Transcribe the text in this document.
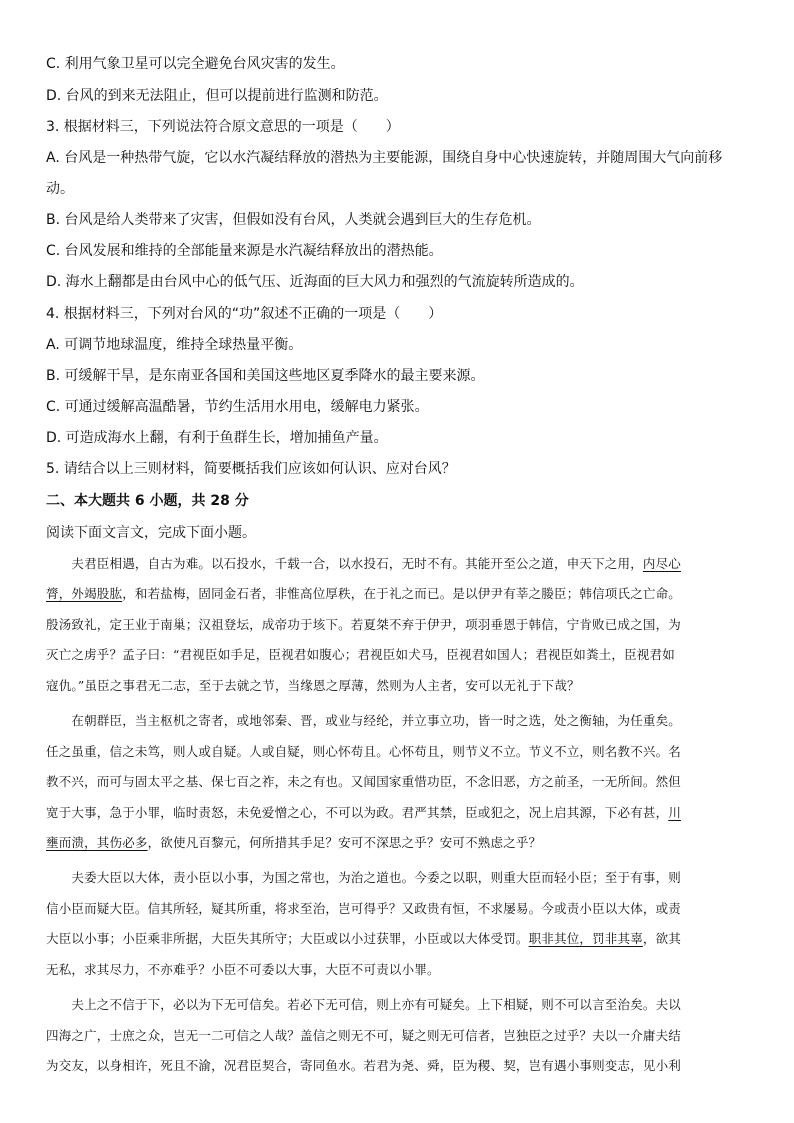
C. 利用气象卫星可以完全避免台风灾害的发生。

D. 台风的到来无法阻止，但可以提前进行监测和防范。

3. 根据材料三，下列说法符合原文意思的一项是（　　）

A. 台风是一种热带气旋，它以水汽凝结释放的潜热为主要能源，围绕自身中心快速旋转，并随周围大气向前移

动。

B. 台风是给人类带来了灾害，但假如没有台风，人类就会遇到巨大的生存危机。

C. 台风发展和维持的全部能量来源是水汽凝结释放出的潜热能。

D. 海水上翻都是由台风中心的低气压、近海面的巨大风力和强烈的气流旋转所造成的。

4. 根据材料三，下列对台风的“功”叙述不正确的一项是（　　）

A. 可调节地球温度，维持全球热量平衡。

B. 可缓解干旱，是东南亚各国和美国这些地区夏季降水的最主要来源。

C. 可通过缓解高温酷暑，节约生活用水用电，缓解电力紧张。

D. 可造成海水上翻，有利于鱼群生长，增加捕鱼产量。

5. 请结合以上三则材料，简要概括我们应该如何认识、应对台风？

二、本大题共 6 小题，共 28 分

阅读下面文言文，完成下面小题。

　　夫君臣相遇，自古为难。以石投水，千载一合，以水投石，无时不有。其能开至公之道，申天下之用，内尽心

膂，外竭股肱，和若盐梅，固同金石者，非惟高位厚秩，在于礼之而已。是以伊尹有莘之媵臣；韩信项氏之亡命。

殷汤致礼，定王业于南巢；汉祖登坛，成帝功于垓下。若夏桀不弃于伊尹，项羽垂恩于韩信，宁肯败已成之国，为

灭亡之虏乎？孟子曰：“君视臣如手足，臣视君如腹心；君视臣如犬马，臣视君如国人；君视臣如粪土，臣视君如

寇仇。”虽臣之事君无二志，至于去就之节，当缘恩之厚薄，然则为人主者，安可以无礼于下哉？

　　在朝群臣，当主枢机之寄者，或地邻秦、晋，或业与经纶，并立事立功，皆一时之选，处之衡轴，为任重矣。

任之虽重，信之未笃，则人或自疑。人或自疑，则心怀苟且。心怀苟且，则节义不立。节义不立，则名教不兴。名

教不兴，而可与固太平之基、保七百之祚，未之有也。又闻国家重惜功臣，不念旧恶，方之前圣，一无所间。然但

宽于大事，急于小罪，临时责怒，未免爱憎之心，不可以为政。君严其禁，臣或犯之，况上启其源，下必有甚，川

壅而溃，其伤必多，欲使凡百黎元，何所措其手足？安可不深思之乎？安可不熟虑之乎？

　　夫委大臣以大体，责小臣以小事，为国之常也，为治之道也。今委之以职，则重大臣而轻小臣；至于有事，则

信小臣而疑大臣。信其所轻，疑其所重，将求至治，岂可得乎？又政贵有恒，不求屡易。今或责小臣以大体，或责

大臣以小事；小臣乘非所据，大臣失其所守；大臣或以小过获罪，小臣或以大体受罚。职非其位，罚非其辜，欲其

无私，求其尽力，不亦难乎？小臣不可委以大事，大臣不可责以小罪。

　　夫上之不信于下，必以为下无可信矣。若必下无可信，则上亦有可疑矣。上下相疑，则不可以言至治矣。夫以

四海之广，士庶之众，岂无一二可信之人哉？盖信之则无不可，疑之则无可信者，岂独臣之过乎？夫以一介庸夫结

为交友，以身相许，死且不渝，况君臣契合，寄同鱼水。若君为尧、舜，臣为稷、契，岂有遇小事则变志，见小利
